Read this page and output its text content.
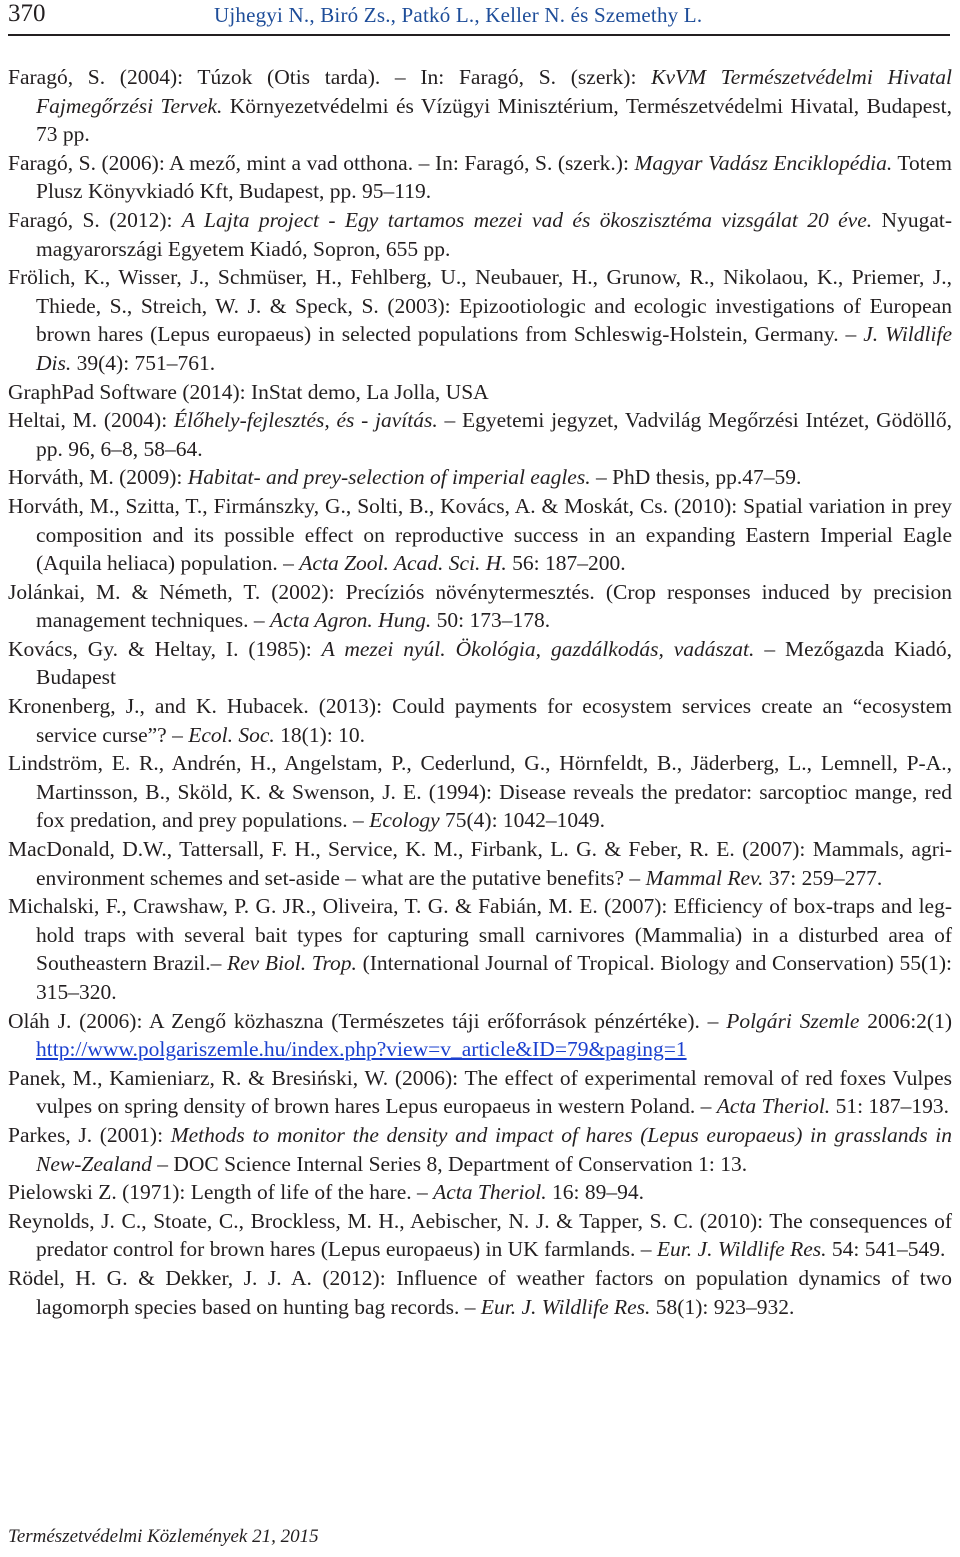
370	Ujhegyi N., Biró Zs., Patkó L., Keller N. és Szemethy L.

Faragó, S. (2004): Túzok (Otis tarda). – In: Faragó, S. (szerk): KvVM Természetvédelmi Hivatal Fajmegőrzési Tervek. Környezetvédelmi és Vízügyi Minisztérium, Természetvédelmi Hivatal, Budapest, 73 pp.

Faragó, S. (2006): A mező, mint a vad otthona. – In: Faragó, S. (szerk.): Magyar Vadász Enciklopédia. Totem Plusz Könyvkiadó Kft, Budapest, pp. 95–119.

Faragó, S. (2012): A Lajta project - Egy tartamos mezei vad és ökoszisztéma vizsgálat 20 éve. Nyugat-magyarországi Egyetem Kiadó, Sopron, 655 pp.

Frölich, K., Wisser, J., Schmüser, H., Fehlberg, U., Neubauer, H., Grunow, R., Nikolaou, K., Priemer, J., Thiede, S., Streich, W. J. & Speck, S. (2003): Epizootiologic and ecologic investigations of European brown hares (Lepus europaeus) in selected populations from Schleswig-Holstein, Germany. – J. Wildlife Dis. 39(4): 751–761.

GraphPad Software (2014): InStat demo, La Jolla, USA

Heltai, M. (2004): Élőhely-fejlesztés, és - javítás. – Egyetemi jegyzet, Vadvilág Megőrzési Intézet, Gödöllő, pp. 96, 6–8, 58–64.

Horváth, M. (2009): Habitat- and prey-selection of imperial eagles. – PhD thesis, pp.47–59.

Horváth, M., Szitta, T., Firmánszky, G., Solti, B., Kovács, A. & Moskát, Cs. (2010): Spatial variation in prey composition and its possible effect on reproductive success in an expanding Eastern Imperial Eagle (Aquila heliaca) population. – Acta Zool. Acad. Sci. H. 56: 187–200.

Jolánkai, M. & Németh, T. (2002): Precíziós növénytermesztés. (Crop responses induced by precision management techniques. – Acta Agron. Hung. 50: 173–178.

Kovács, Gy. & Heltay, I. (1985): A mezei nyúl. Ökológia, gazdálkodás, vadászat. – Mezőgazda Kiadó, Budapest

Kronenberg, J., and K. Hubacek. (2013): Could payments for ecosystem services create an “ecosystem service curse”? – Ecol. Soc. 18(1): 10.

Lindström, E. R., Andrén, H., Angelstam, P., Cederlund, G., Hörnfeldt, B., Jäderberg, L., Lemnell, P-A., Martinsson, B., Sköld, K. & Swenson, J. E. (1994): Disease reveals the predator: sarcoptioc mange, red fox predation, and prey populations. – Ecology 75(4): 1042–1049.

MacDonald, D.W., Tattersall, F. H., Service, K. M., Firbank, L. G. & Feber, R. E. (2007): Mammals, agri-environment schemes and set-aside – what are the putative benefits? – Mammal Rev. 37: 259–277.

Michalski, F., Crawshaw, P. G. JR., Oliveira, T. G. & Fabián, M. E. (2007): Efficiency of box-traps and leg-hold traps with several bait types for capturing small carnivores (Mammalia) in a disturbed area of Southeastern Brazil.– Rev Biol. Trop. (International Journal of Tropical. Biology and Conservation) 55(1): 315–320.

Oláh J. (2006): A Zengő közhaszna (Természetes táji erőforrások pénzértéke). – Polgári Szemle 2006:2(1) http://www.polgariszemle.hu/index.php?view=v_article&ID=79&paging=1

Panek, M., Kamieniarz, R. & Bresiński, W. (2006): The effect of experimental removal of red foxes Vulpes vulpes on spring density of brown hares Lepus europaeus in western Poland. – Acta Theriol. 51: 187–193.

Parkes, J. (2001): Methods to monitor the density and impact of hares (Lepus europaeus) in grasslands in New-Zealand – DOC Science Internal Series 8, Department of Conservation 1: 13.

Pielowski Z. (1971): Length of life of the hare. – Acta Theriol. 16: 89–94.

Reynolds, J. C., Stoate, C., Brockless, M. H., Aebischer, N. J. & Tapper, S. C. (2010): The consequences of predator control for brown hares (Lepus europaeus) in UK farmlands. – Eur. J. Wildlife Res. 54: 541–549.

Rödel, H. G. & Dekker, J. J. A. (2012): Influence of weather factors on population dynamics of two lagomorph species based on hunting bag records. – Eur. J. Wildlife Res. 58(1): 923–932.

Természetvédelmi Közlemények 21, 2015
